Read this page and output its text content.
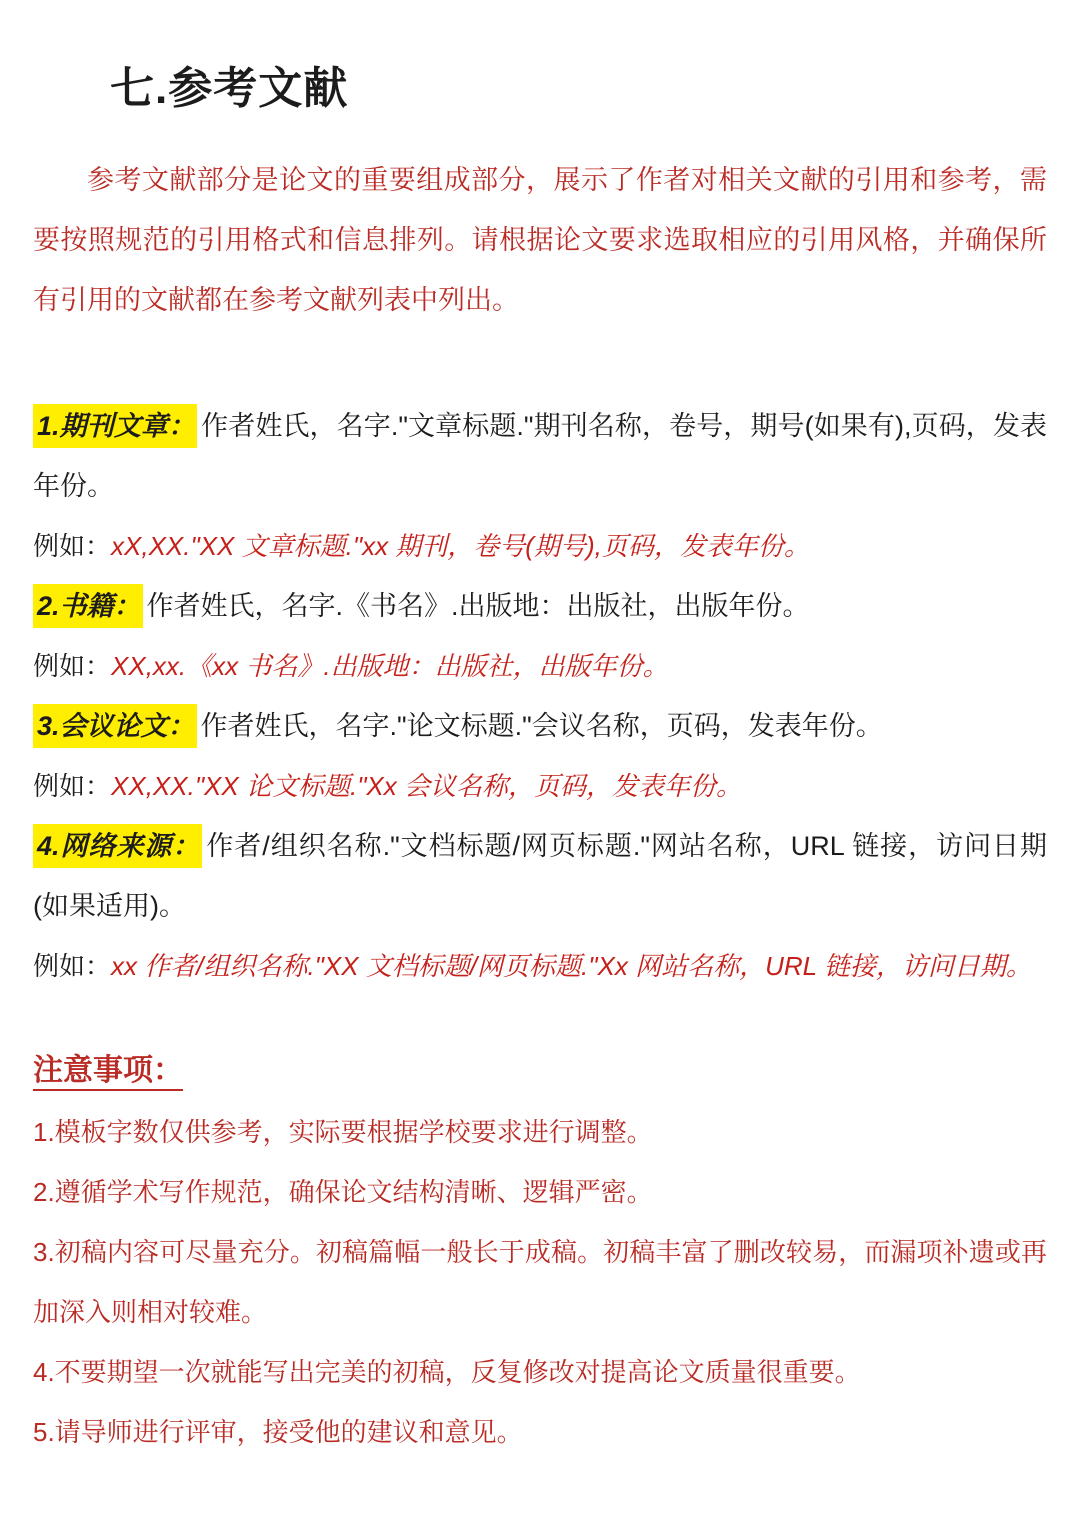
七.参考文献

参考文献部分是论文的重要组成部分，展示了作者对相关文献的引用和参考，需要按照规范的引用格式和信息排列。请根据论文要求选取相应的引用风格，并确保所有引用的文献都在参考文献列表中列出。

1.期刊文章： 作者姓氏，名字."文章标题."期刊名称，卷号，期号(如果有),页码，发表年份。

例如：xX,XX."XX 文章标题."xx 期刊，卷号(期号),页码，发表年份。

2.书籍： 作者姓氏，名字.《书名》.出版地：出版社，出版年份。

例如：XX,xx.《xx 书名》.出版地：出版社，出版年份。

3.会议论文： 作者姓氏，名字."论文标题."会议名称，页码，发表年份。

例如：XX,XX."XX 论文标题."Xx 会议名称，页码，发表年份。

4.网络来源： 作者/组织名称."文档标题/网页标题."网站名称，URL 链接，访问日期(如果适用)。

例如：xx 作者/组织名称."XX 文档标题/网页标题."Xx 网站名称，URL 链接，访问日期。

注意事项：

1.模板字数仅供参考，实际要根据学校要求进行调整。

2.遵循学术写作规范，确保论文结构清晰、逻辑严密。

3.初稿内容可尽量充分。初稿篇幅一般长于成稿。初稿丰富了删改较易，而漏项补遗或再加深入则相对较难。

4.不要期望一次就能写出完美的初稿，反复修改对提高论文质量很重要。

5.请导师进行评审，接受他的建议和意见。
